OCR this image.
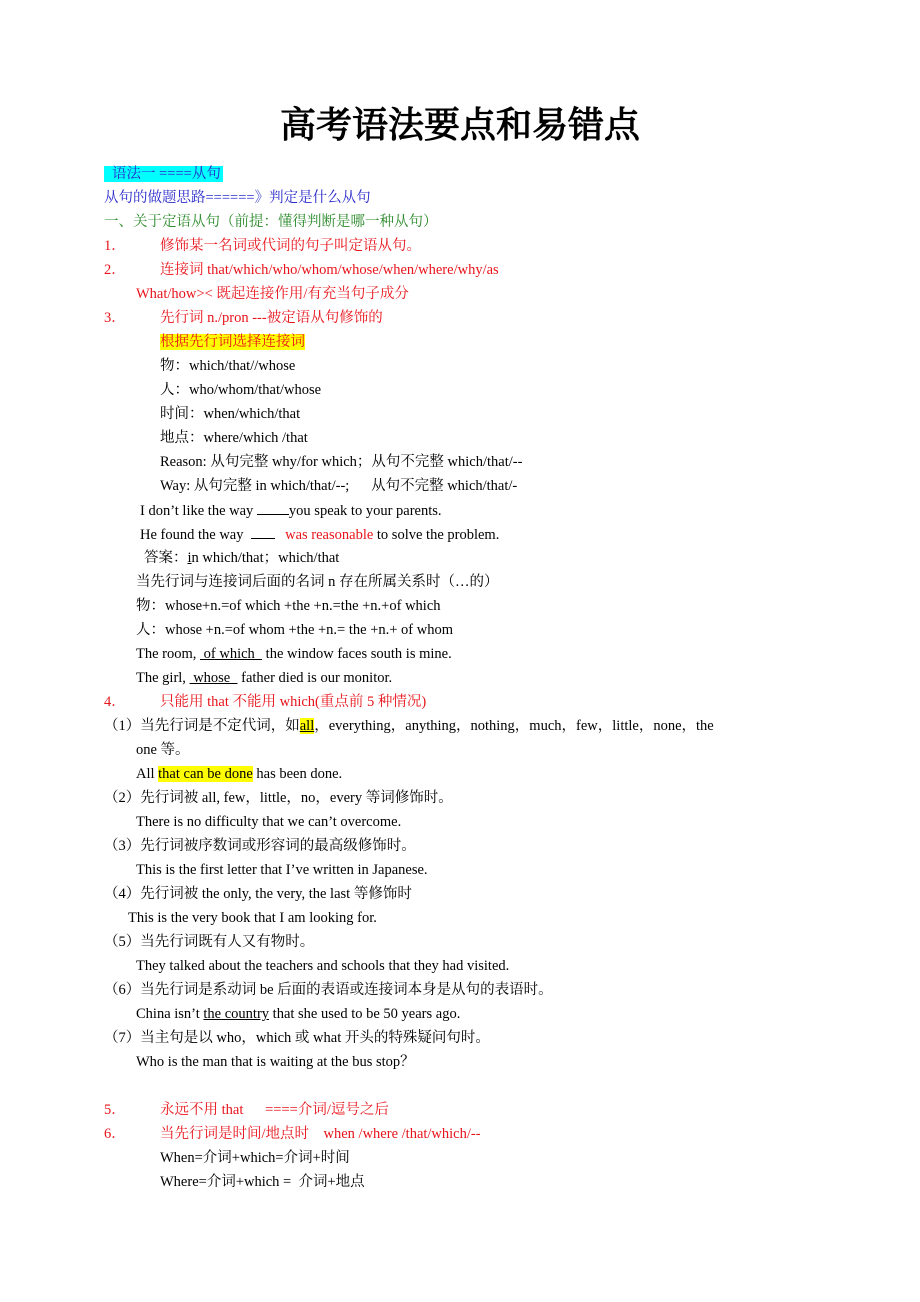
高考语法要点和易错点
语法一 ====从句
从句的做题思路======》判定是什么从句
一、关于定语从句（前提：懂得判断是哪一种从句）
1． 修饰某一名词或代词的句子叫定语从句。
2． 连接词 that/which/who/whom/whose/when/where/why/as
What/how>< 既起连接作用/有充当句子成分
3． 先行词 n./pron ---被定语从句修饰的
根据先行词选择连接词
物：which/that//whose
人：who/whom/that/whose
时间：when/which/that
地点：where/which /that
Reason: 从句完整 why/for which；从句不完整 which/that/--
Way: 从句完整 in which/that/--;      从句不完整 which/that/-
I don’t like the way you speak to your parents.
He found the way	was reasonable to solve the problem.
答案：in which/that；which/that
当先行词与连接词后面的名词 n 存在所属关系时（…的）
物：whose+n.=of which +the +n.=the +n.+of which
人：whose +n.=of whom +the +n.= the +n.+ of whom
The room,  of which   the window faces south is mine.
The girl,  whose   father died is our monitor.
4． 只能用 that 不能用 which(重点前 5 种情况)
（1）当先行词是不定代词，如all，everything，anything，nothing，much，few，little，none，the
one 等。
All that can be done has been done.
（2）先行词被 all, few，little，no，every 等词修饰时。
There is no difficulty that we can’t overcome.
（3）先行词被序数词或形容词的最高级修饰时。
This is the first letter that I’ve written in Japanese.
（4）先行词被 the only, the very, the last 等修饰时
This is the very book that I am looking for.
（5）当先行词既有人又有物时。
They talked about the teachers and schools that they had visited.
（6）当先行词是系动词 be 后面的表语或连接词本身是从句的表语时。
China isn’t the country that she used to be 50 years ago.
（7）当主句是以 who，which 或 what 开头的特殊疑问句时。
Who is the man that is waiting at the bus stop？
5． 永远不用 that      ====介词/逗号之后
6． 当先行词是时间/地点时    when /where /that/which/--
When=介词+which=介词+时间
Where=介词+which =  介词+地点
